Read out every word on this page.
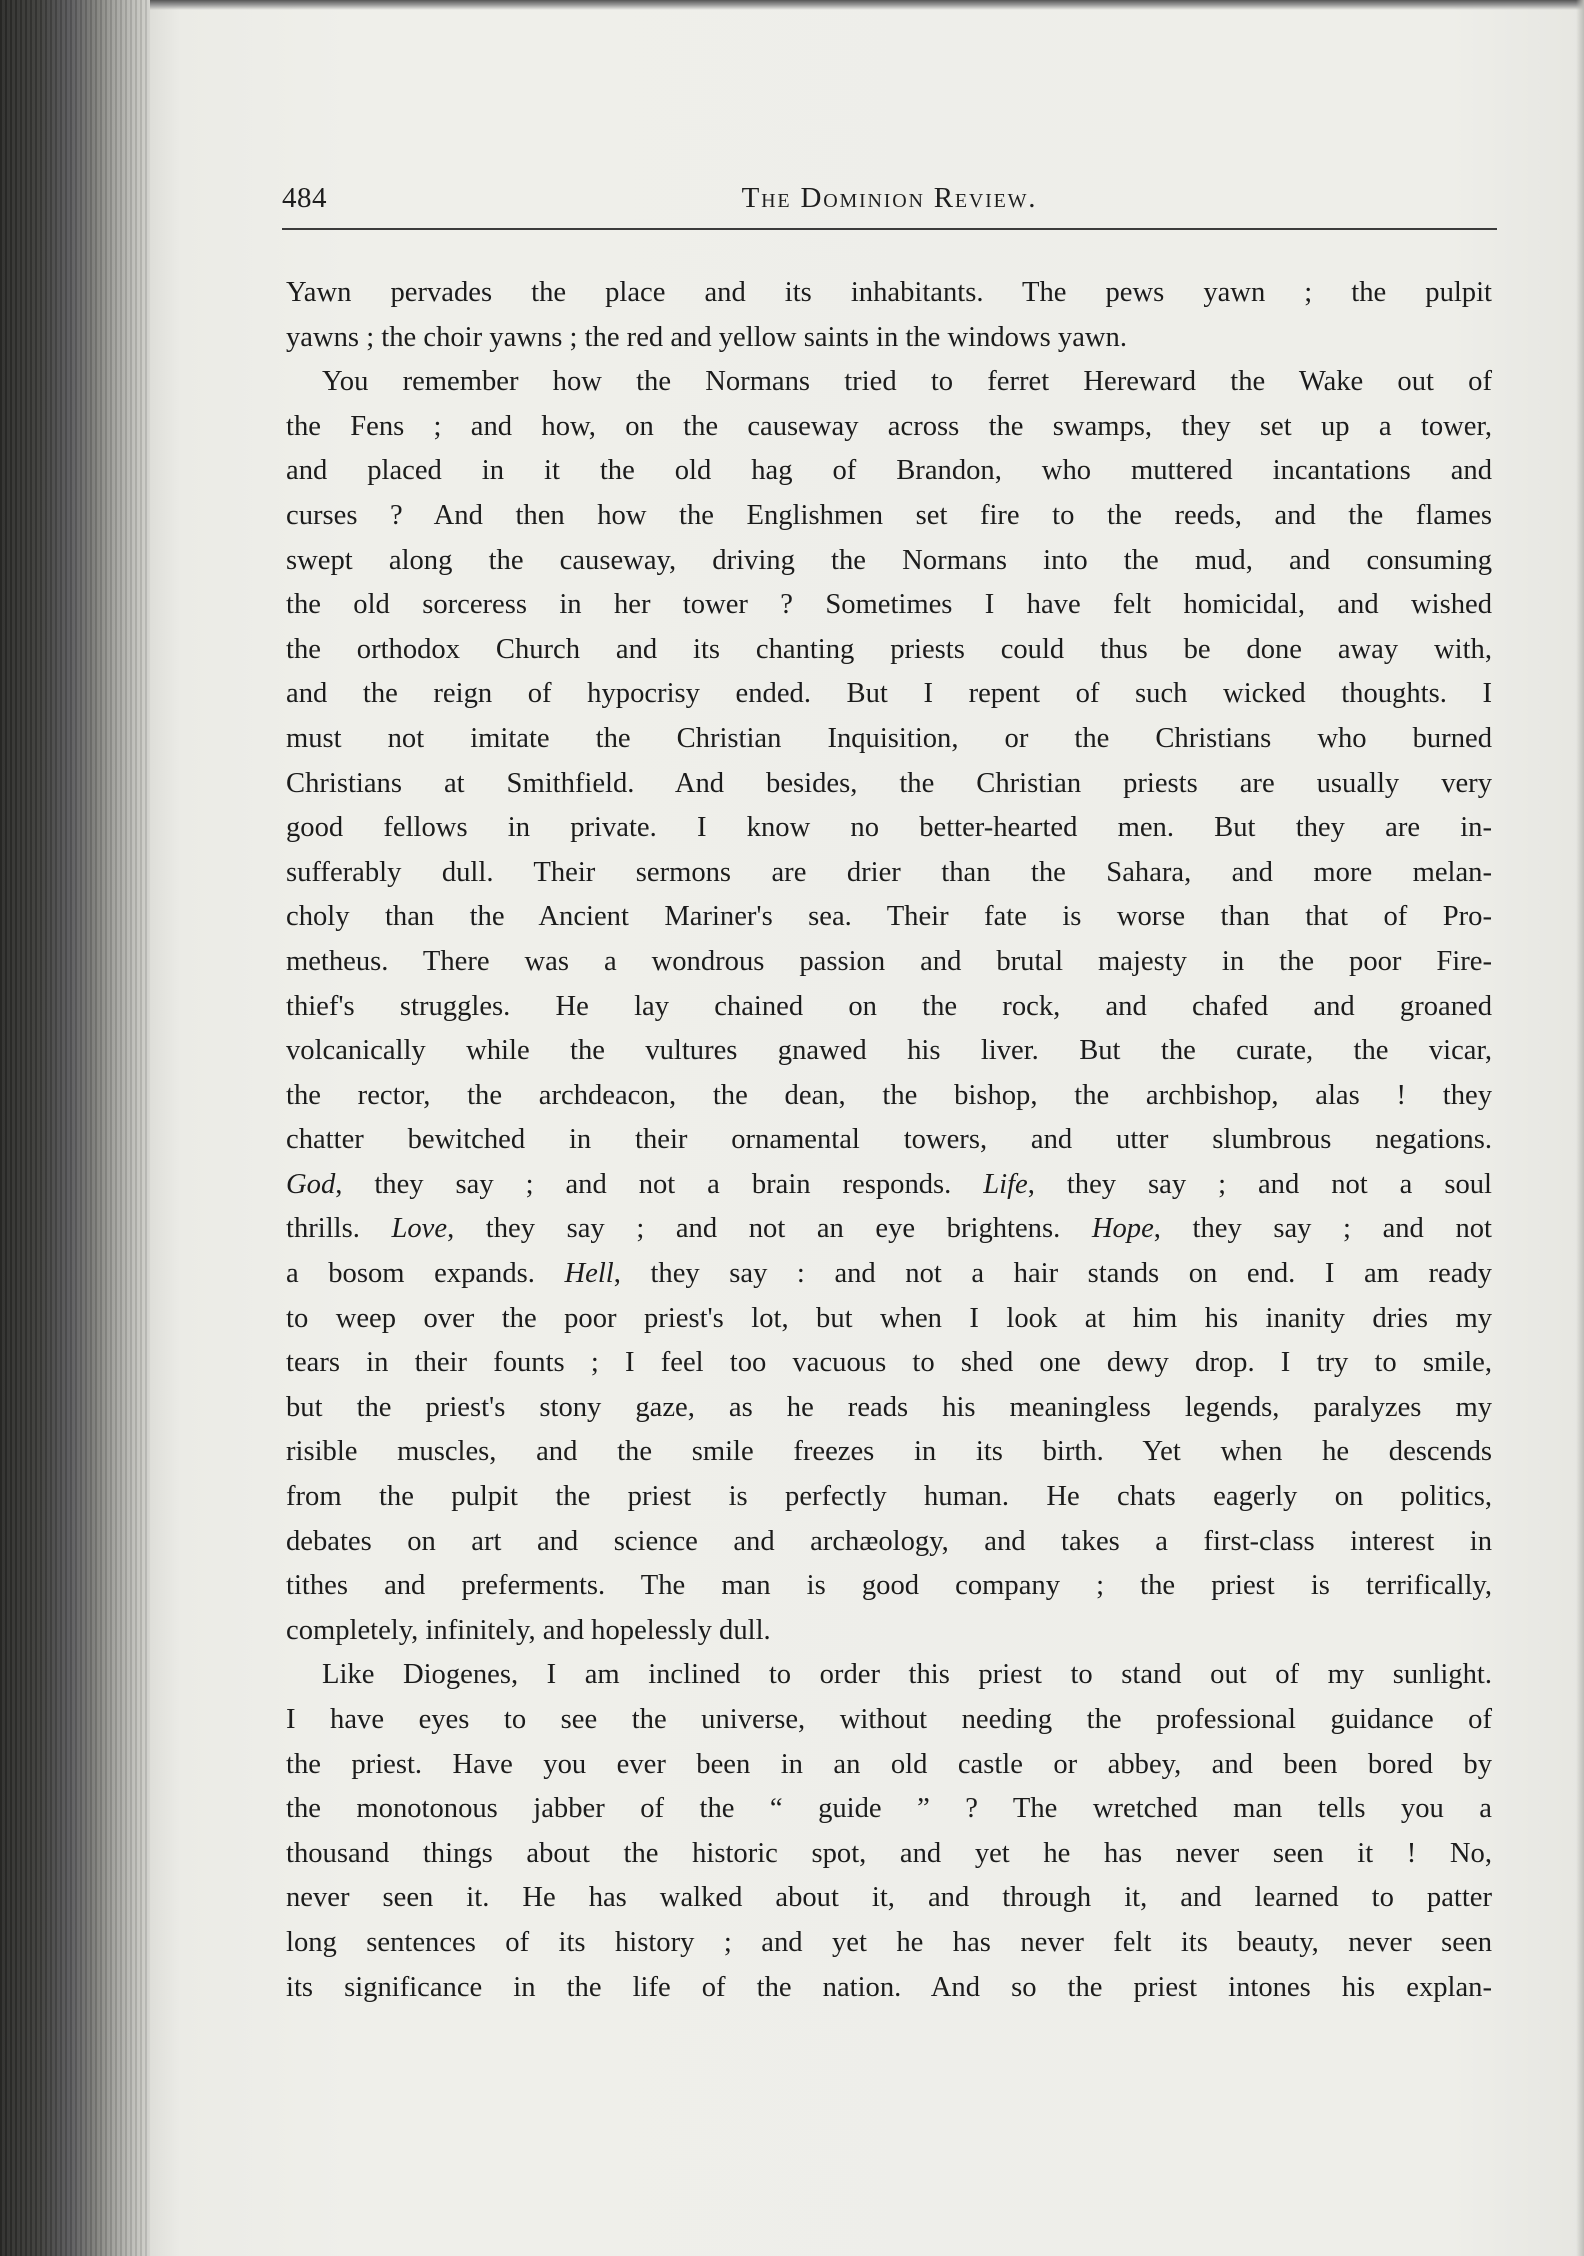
484	The Dominion Review.
Yawn pervades the place and its inhabitants. The pews yawn ; the pulpit
yawns ; the choir yawns ; the red and yellow saints in the windows yawn.
You remember how the Normans tried to ferret Hereward the Wake out of
the Fens ; and how, on the causeway across the swamps, they set up a tower,
and placed in it the old hag of Brandon, who muttered incantations and
curses ? And then how the Englishmen set fire to the reeds, and the flames
swept along the causeway, driving the Normans into the mud, and consuming
the old sorceress in her tower ? Sometimes I have felt homicidal, and wished
the orthodox Church and its chanting priests could thus be done away with,
and the reign of hypocrisy ended. But I repent of such wicked thoughts. I
must not imitate the Christian Inquisition, or the Christians who burned
Christians at Smithfield. And besides, the Christian priests are usually very
good fellows in private. I know no better-hearted men. But they are in-
sufferably dull. Their sermons are drier than the Sahara, and more melan-
choly than the Ancient Mariner's sea. Their fate is worse than that of Pro-
metheus. There was a wondrous passion and brutal majesty in the poor Fire-
thief's struggles. He lay chained on the rock, and chafed and groaned
volcanically while the vultures gnawed his liver. But the curate, the vicar,
the rector, the archdeacon, the dean, the bishop, the archbishop, alas ! they
chatter bewitched in their ornamental towers, and utter slumbrous negations.
God, they say ; and not a brain responds. Life, they say ; and not a soul
thrills. Love, they say ; and not an eye brightens. Hope, they say ; and not
a bosom expands. Hell, they say : and not a hair stands on end. I am ready
to weep over the poor priest's lot, but when I look at him his inanity dries my
tears in their founts ; I feel too vacuous to shed one dewy drop. I try to smile,
but the priest's stony gaze, as he reads his meaningless legends, paralyzes my
risible muscles, and the smile freezes in its birth. Yet when he descends
from the pulpit the priest is perfectly human. He chats eagerly on politics,
debates on art and science and archæology, and takes a first-class interest in
tithes and preferments. The man is good company ; the priest is terrifically,
completely, infinitely, and hopelessly dull.
Like Diogenes, I am inclined to order this priest to stand out of my sunlight.
I have eyes to see the universe, without needing the professional guidance of
the priest. Have you ever been in an old castle or abbey, and been bored by
the monotonous jabber of the “ guide ” ? The wretched man tells you a
thousand things about the historic spot, and yet he has never seen it ! No,
never seen it. He has walked about it, and through it, and learned to patter
long sentences of its history ; and yet he has never felt its beauty, never seen
its significance in the life of the nation. And so the priest intones his explan-
